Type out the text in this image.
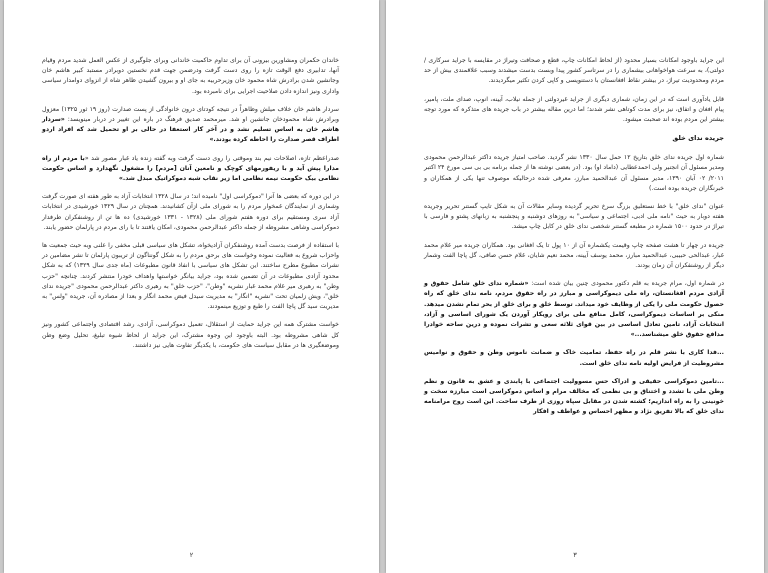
خاندان حکمران ومشاورین بیرونی آن برای تداوم حاکمیت خاندانی وبرای جلوگیری از عکس العمل شدید مردم وقیام آنها، تدابیری دفع الوقت تازه را روی دست گرفت ودرضمن جهت قدم نخستین دوبرادر مستبد کبیر هاشم خان وجانشین شدن برادرش شاه محمود خان وزیرحربیه به جای او و بیرون گشیدن ظاهر شاه از انزوای دوامدار سیاسی واداری ونیز اندازه دادن صلاحیت اجرایی برای نامبرده بود.

سردار هاشم خان خلاف میلش وظاهراً در نتیجه کودتای درون خانوادگی از پست صدارت (روز ۱۹ ثور ۱۳۲۵) معزول وبرادرش شاه محمودخان جانشین او شد. میرمحمد صدیق فرهنگ در باره این تغییر در دربار مینویسد: «سردار هاشم خان به اساس تسلیم نشد و در آخر کار استعفا در حالی بر او تحمیل شد که افراد اردو اطراف قصر صدارت را احاطه کرده بودند.»

صدراعظم تازه، اصلاحات نیم بند وموقتی را روی دست گرفت وبه گفته زنده یاد غبار مصور شد «با مردم از راه مدارا پیش آید و با ریفورمهای کوچک و نامعین آنان [مردم] را مشغول نگهدارد و اساس حکومت نظامی بیک حکومت نیمه نظامی اما زیر نقاب شبه دموکراتیک مبدل شد.»

در این دوره که بعضی ها آنرا "دموکراسی اول" نامیده اند؛ در سال ۱۳۲۸ انتخابات آزاد به طور هفته ای صورت گرفت وشماری از نمایندگان غمخوار مردم را به شورای ملی ازآن کشانیدند. همچنان در سال ۱۳۲۹ خورشیدی در انتخابات آزاد سری ومستقیم برای دوره هفتم شورای ملی (۱۳۲۸ - ۱۳۳۱ خورشیدی) ده ها تن از روشنفکران طرفدار دموکراسی وشاهی مشروطه از جمله داکتر عبدالرحمن محمودی، امکان یافتند تا با رای مردم در پارلمان حضور یابند.

با استفاده از فرصت بدست آمده روشنفکران آزادیخواه، تشکل های سیاسی قبلی مخفی را علنی وبه حیث جمعیت ها واحزاب شروع به فعالیت نموده وخواست های برحق مردم را به شکل گونناگون از تریبون پارلمان تا نشر مضامین در نشرات مطبوع مطرح ساختند. این تشکل های سیاسی با انفاذ قانون مطبوعات (ماه جدی سال ۱۳۲۹) که به شکل محدود آزادی مطبوعات در آن تضمین شده بود، جراید بیانگر خواستها واهداف خودرا منتشر کردند. چنانچه "حزب وطن" به رهبری میر غلام محمد غبار نشریه "وطن"، "حزب خلق" به رهبری داکتر عبدالرحمن محمودی "جریده ندای خلق"، ویش زلمیان تحت "نشریه "انگار" به مدیریت سیدل فیض محمد انگار و بعدا از مصادره آن، جریده "ولس" به مدیریت سید گل پاچا الفت را طبع و توزیع مینمودند.

خواست مشترک همه این جراید حمایت از استقلال، تعمیل دموکراسی، آزادی، رشد اقتصادی واجتماعی کشور ونیز کل شاهی مشروطه بود. البته باوجود این وجوه مشترک، این جراید از لحاظ شیوه تبلیغ، تحلیل وضع وطن وموضعگیری ها در مقابل سیاست های حکومت، با یکدیگر تفاوت هایی نیز داشتند.

۲

این جراید باوجود امکانات بسیار محدود (از لحاظ امکانات چاپ، قطع و صحافت وتیراژ در مقایسه با جراید سرکاری / دولتی)، به سرعت هواخواهانی بیشماری را در سرتاسر کشور پیدا وبست بدست میشدند وسبب علاقمندی بیش از حد مردم ومحدودیت تیراژ، در بیشتر نقاط افغانستان با دستنویسی و کاپی کردن تکثیر میگردیدند.

قابل یادآوری است که در این زمان، شماری دیگری از جراید غیردولتی از جمله نیلاب، آیینه، انوپ، صدای ملت، پامیر، پیام افغان و اتفاق، نیز برای مدت کوتاهی نشر شدند؛ اما درین مقاله بیشتر در باب جریده های متذکره که مورد توجه بیشتر این مردم بوده اند صحبت میشود.

جریده ندای خلق

شماره اول جریده ندای خلق بتاریخ ۱۲ حمل سال ۱۳۳۰ نشر گردید. صاحب امتیاز جریده داکتر عبدالرحمن محمودی ومدیر مسئول آن انجنیر ولی احمدعطایی (داماد او) بود. (در بعضی نوشته ها از جمله برنامه بی بی سی مورخ ۲۴ اکتبر ۲۰۱۱/ ۰۲ آبان ۱۳۹۰، مدیر مسئول آن عبدالحمید مبارز، معرفی شده درحالیکه موصوف تنها یکی از همکاران و خبرنگاران جریده بوده است.)

عنوان "ندای خلق" با خط نستعلیق بزرگ سرخ تحریر گردیده وسایر مقالات آن به شکل تایپ گستنر تحریر وجریده هفته دوبار به حیث "نامه ملی ادبی، اجتماعی و سیاسی" به روزهای دوشنبه و پنجشنبه به زبانهای پشتو و فارسی با تیراژ در حدود ۱۵۰۰ شماره در مطبعه گستنر شخصی ندای خلق در کابل چاپ میشد.

جریده در چهار تا هشت صفحه چاپ وقیمت یکشماره آن از ۱۰ پول تا یک افغانی بود. همکاران جریده میر غلام محمد غبار، عبدالحی حبیبی، عبدالحمید مبارز، محمد یوسف آیینه، محمد نعیم شایان، غلام حسن صافی، گل پاچا الفت وشمار دیگر از روشنفکران آن زمان بودند.

در شماره اول، مرام جریده به قلم دکتور محمودی چنین بیان شده است: «شماره ندای خلق شامل حقوق و آزادی مردم افغانستان، راه ملی دیموکراسی و مبارز در راه حقوق مردم، نامه ندای خلق که راه حصول حکومت ملی را یکی از وظایف خود میداند. توسط خلق و برای خلق از بحر تمام نشدن میدهد. منکی بر اساسات دیموکراسی، کامل منافع ملی برای رویکار آوردن یک شورای اساسی و آزاد، انتخابات آزاد، تامین تعادل اساسی در بین قوای ثلاثه سعی و تشرات نموده و درین ساحه خوادرا مدافع حقوق خلق میشناسد...»

...فدا کاری با نشر قلم در راه حفظ، تمامیت خاک و ضمانت ناموس وطن و حقوق و نوامیس مشروطیت از فرایض اولیه نامه ندای خلق است.

...تامین دموکراسی حقیقی و ادراک حس مسوولیت اجتماعی با پابندی و عشق به قانون و نظم وطن ملی با تشدد و اختناق و بی نظمی که مخالف مرام و اساس دموکراسی است مبارزه سخت و خونینی را به راه اندازیم؛ کشته شدن در مقابل سپاه روزی از طرف ساحت. این است روح مرامنامه ندای خلق که بالا تفریق نژاد و مظهر احساس و عواطف و افکار

۳
